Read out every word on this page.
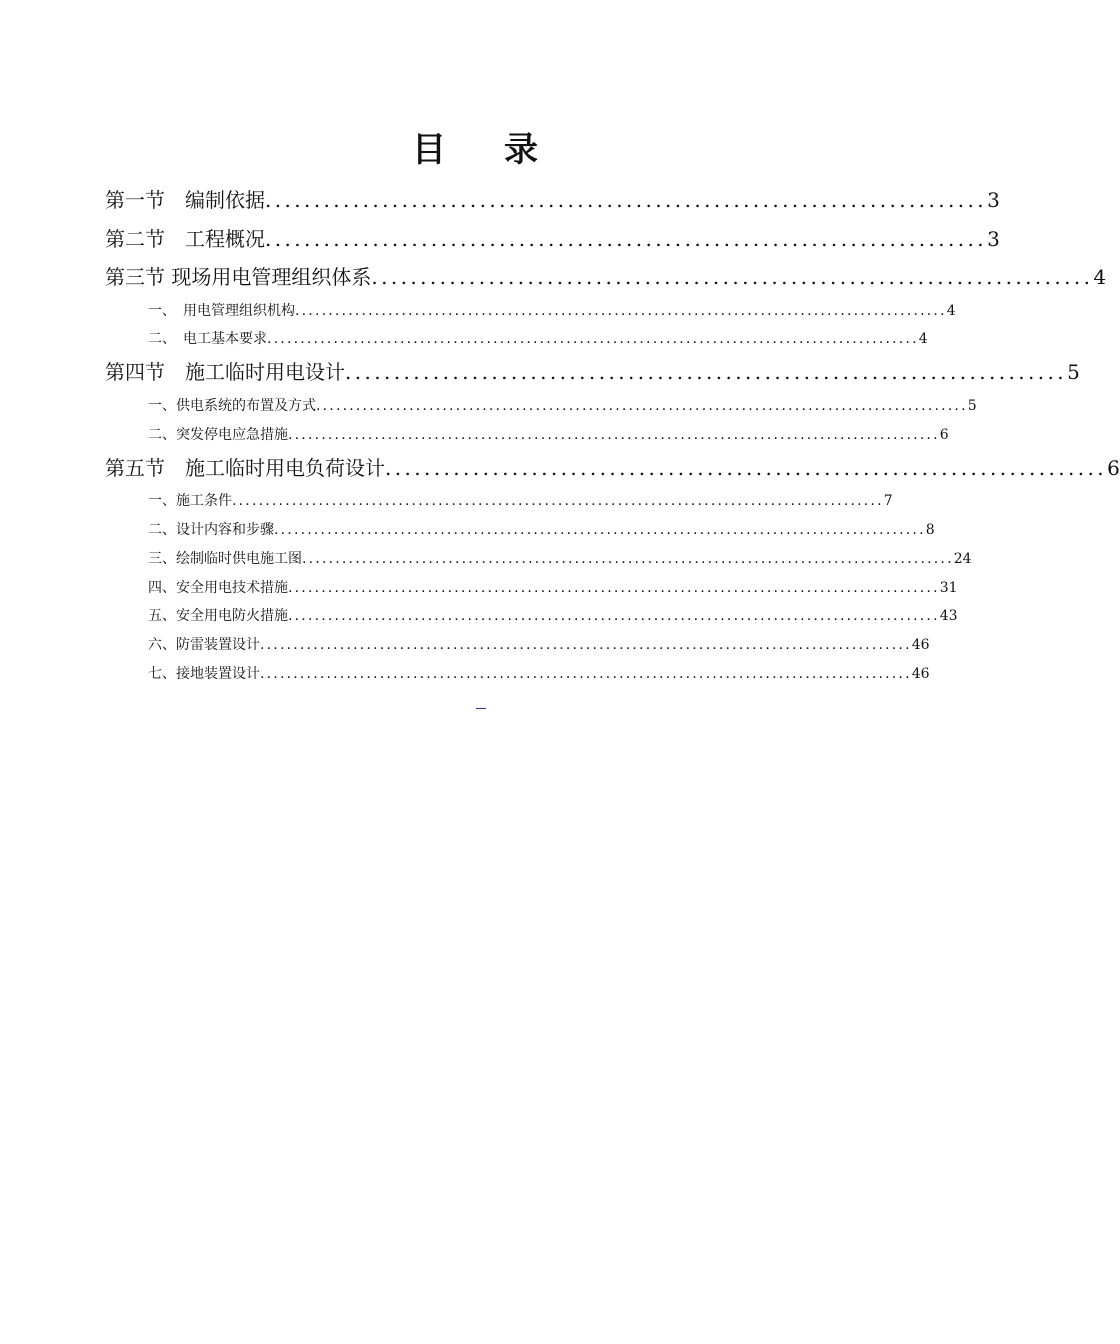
目 录
第一节　编制依据 .......................................................................... 3
第二节　工程概况 .......................................................................... 3
第三节 现场用电管理组织体系 .......................................................................... 4
一、　用电管理组织机构 .................................................................................................. 4
二、　电工基本要求 .................................................................................................. 4
第四节　施工临时用电设计 .......................................................................... 5
一、供电系统的布置及方式 .................................................................................................. 5
二、突发停电应急措施 .................................................................................................. 6
第五节　施工临时用电负荷设计 .......................................................................... 6
一、施工条件 .................................................................................................. 7
二、设计内容和步骤 .................................................................................................. 8
三、绘制临时供电施工图 .................................................................................................. 24
四、安全用电技术措施 .................................................................................................. 31
五、安全用电防火措施 .................................................................................................. 43
六、防雷装置设计 .................................................................................................. 46
七、接地装置设计 .................................................................................................. 46
